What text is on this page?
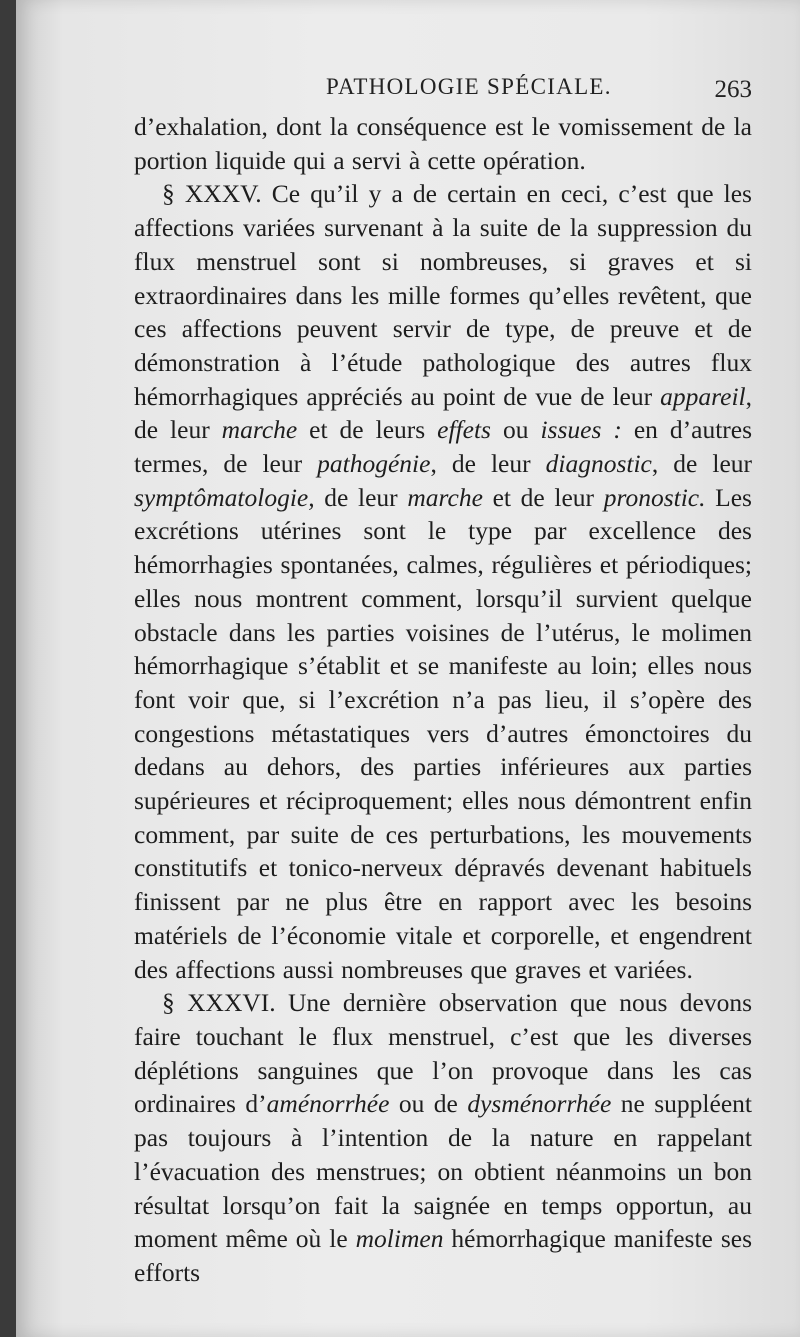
PATHOLOGIE SPÉCIALE.	263

d’exhalation, dont la conséquence est le vomissement de la portion liquide qui a servi à cette opération.

§ XXXV. Ce qu’il y a de certain en ceci, c’est que les affections variées survenant à la suite de la suppression du flux menstruel sont si nombreuses, si graves et si extraordinaires dans les mille formes qu’elles revêtent, que ces affections peuvent servir de type, de preuve et de démonstration à l’étude pathologique des autres flux hémorrhagiques appréciés au point de vue de leur appareil, de leur marche et de leurs effets ou issues : en d’autres termes, de leur pathogénie, de leur diagnostic, de leur symptômatologie, de leur marche et de leur pronostic. Les excrétions utérines sont le type par excellence des hémorrhagies spontanées, calmes, régulières et périodiques; elles nous montrent comment, lorsqu’il survient quelque obstacle dans les parties voisines de l’utérus, le molimen hémorrhagique s’établit et se manifeste au loin; elles nous font voir que, si l’excrétion n’a pas lieu, il s’opère des congestions métastatiques vers d’autres émonctoires du dedans au dehors, des parties inférieures aux parties supérieures et réciproquement; elles nous démontrent enfin comment, par suite de ces perturbations, les mouvements constitutifs et tonico-nerveux dépravés devenant habituels finissent par ne plus être en rapport avec les besoins matériels de l’économie vitale et corporelle, et engendrent des affections aussi nombreuses que graves et variées.

§ XXXVI. Une dernière observation que nous devons faire touchant le flux menstruel, c’est que les diverses déplétions sanguines que l’on provoque dans les cas ordinaires d’aménorrhée ou de dysménorrhée ne suppléent pas toujours à l’intention de la nature en rappelant l’évacuation des menstrues; on obtient néanmoins un bon résultat lorsqu’on fait la saignée en temps opportun, au moment même où le molimen hémorrhagique manifeste ses efforts
